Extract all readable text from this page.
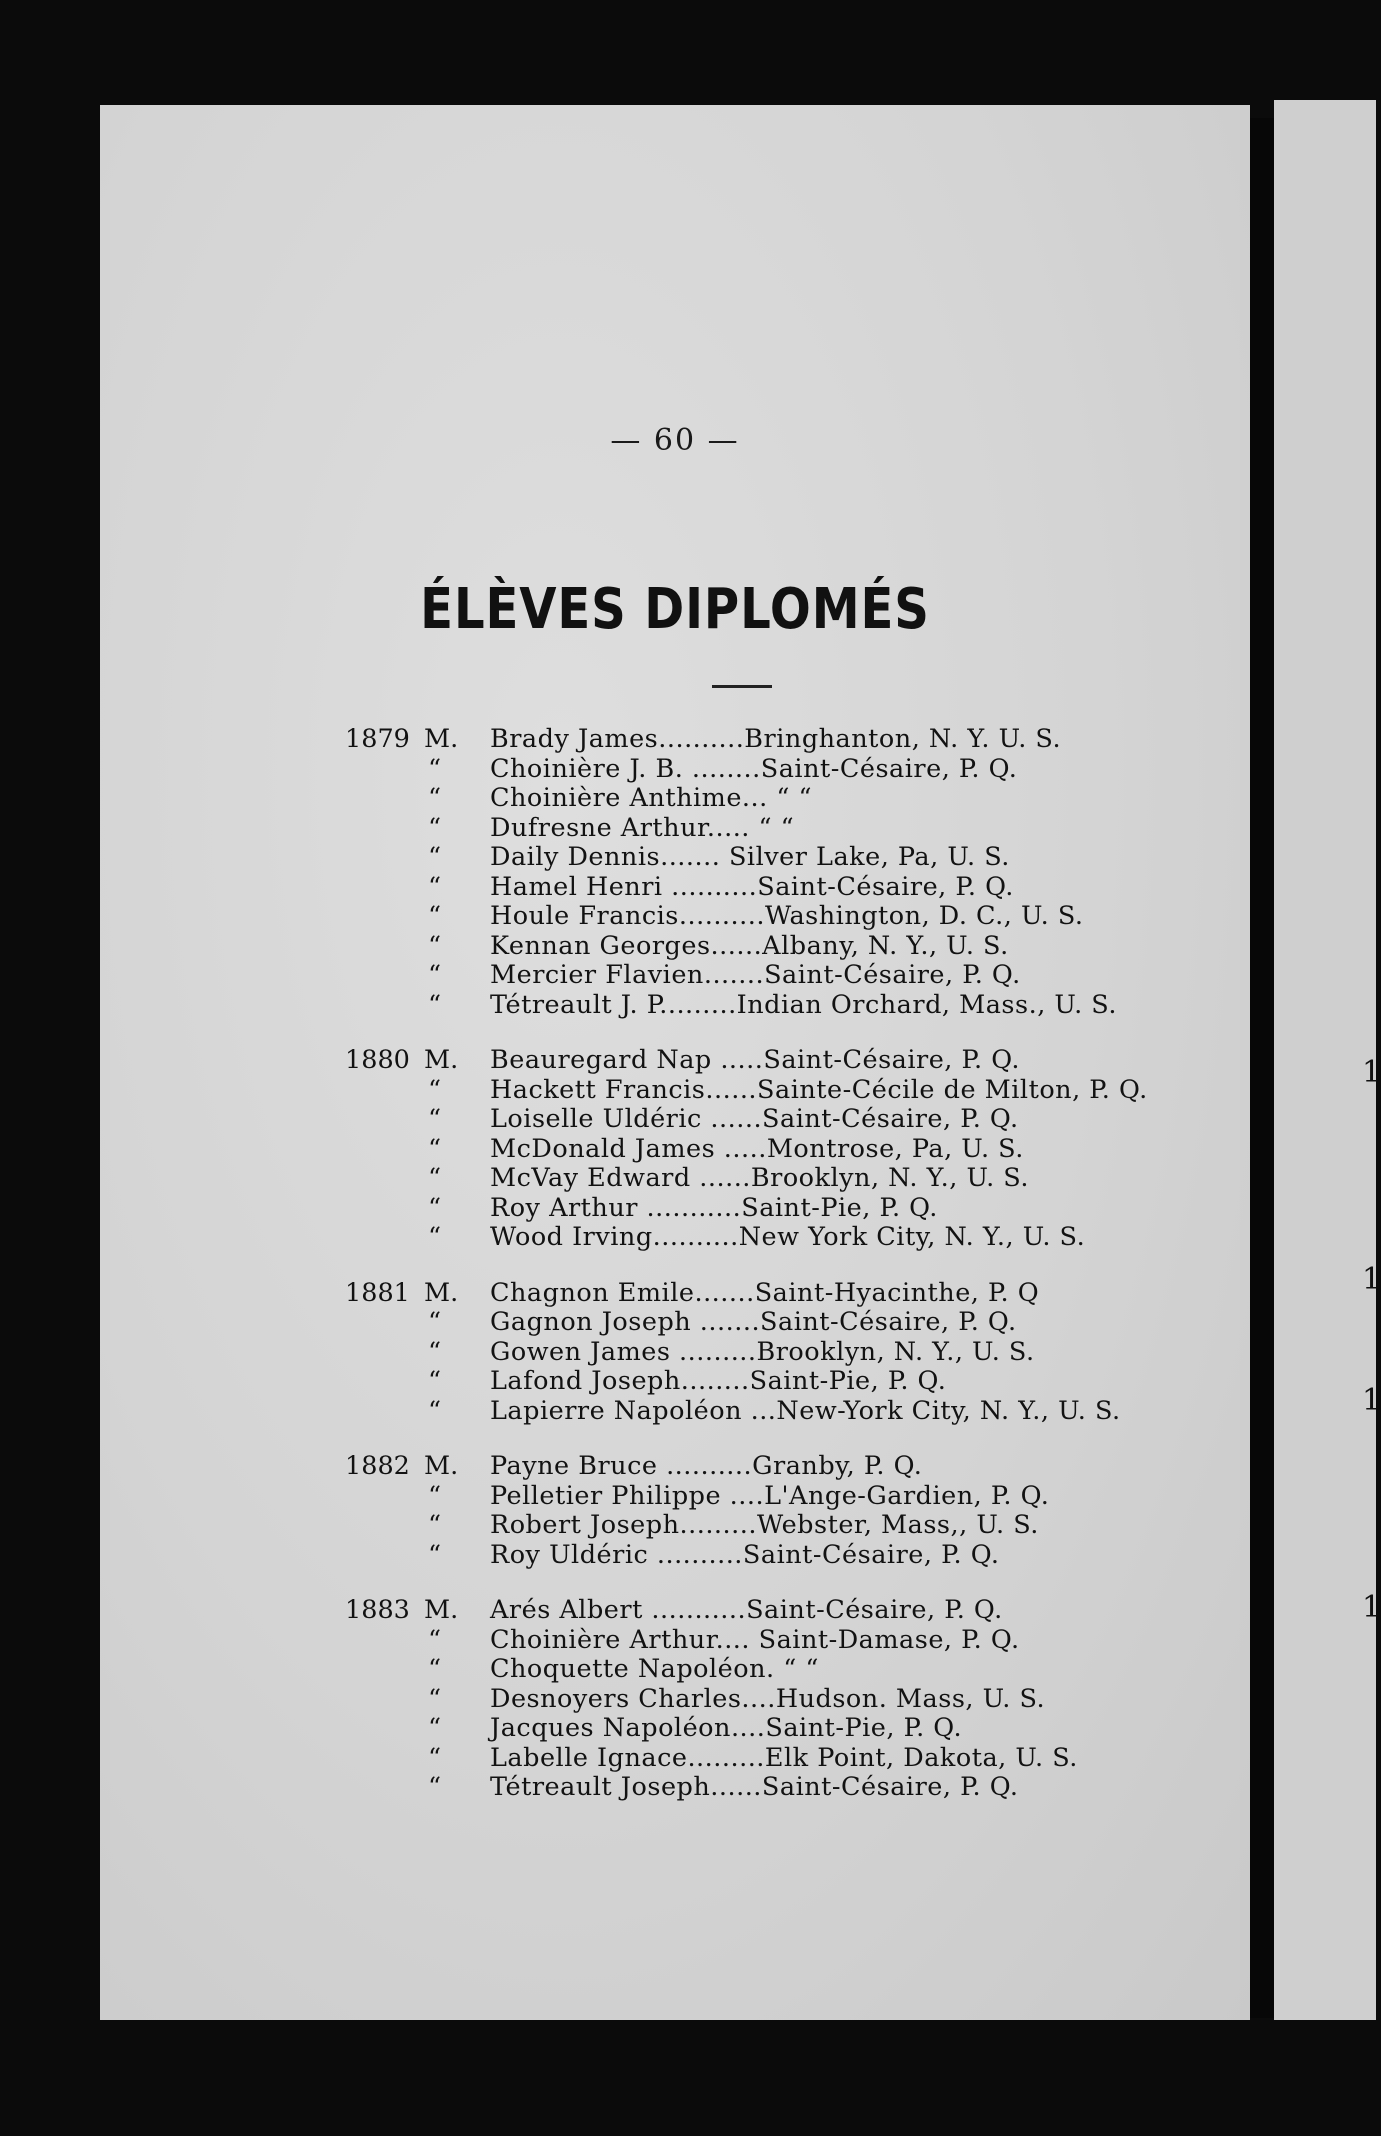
1
1
1
1
— 60 —
ÉLÈVES DIPLOMÉS
1879 M. Brady James..........Bringhanton, N. Y. U. S.
“ Choinière J. B. ........Saint-Césaire, P. Q.
“ Choinière Anthime... “ “
“ Dufresne Arthur..... “ “
“ Daily Dennis....... Silver Lake, Pa, U. S.
“ Hamel Henri ..........Saint-Césaire, P. Q.
“ Houle Francis..........Washington, D. C., U. S.
“ Kennan Georges......Albany, N. Y., U. S.
“ Mercier Flavien.......Saint-Césaire, P. Q.
“ Tétreault J. P.........Indian Orchard, Mass., U. S.
1880 M. Beauregard Nap .....Saint-Césaire, P. Q.
“ Hackett Francis......Sainte-Cécile de Milton, P. Q.
“ Loiselle Uldéric ......Saint-Césaire, P. Q.
“ McDonald James .....Montrose, Pa, U. S.
“ McVay Edward ......Brooklyn, N. Y., U. S.
“ Roy Arthur ...........Saint-Pie, P. Q.
“ Wood Irving..........New York City, N. Y., U. S.
1881 M. Chagnon Emile.......Saint-Hyacinthe, P. Q
“ Gagnon Joseph .......Saint-Césaire, P. Q.
“ Gowen James .........Brooklyn, N. Y., U. S.
“ Lafond Joseph........Saint-Pie, P. Q.
“ Lapierre Napoléon ...New-York City, N. Y., U. S.
1882 M. Payne Bruce ..........Granby, P. Q.
“ Pelletier Philippe ....L'Ange-Gardien, P. Q.
“ Robert Joseph.........Webster, Mass,, U. S.
“ Roy Uldéric ..........Saint-Césaire, P. Q.
1883 M. Arés Albert ...........Saint-Césaire, P. Q.
“ Choinière Arthur.... Saint-Damase, P. Q.
“ Choquette Napoléon. “ “
“ Desnoyers Charles....Hudson. Mass, U. S.
“ Jacques Napoléon....Saint-Pie, P. Q.
“ Labelle Ignace.........Elk Point, Dakota, U. S.
“ Tétreault Joseph......Saint-Césaire, P. Q.
